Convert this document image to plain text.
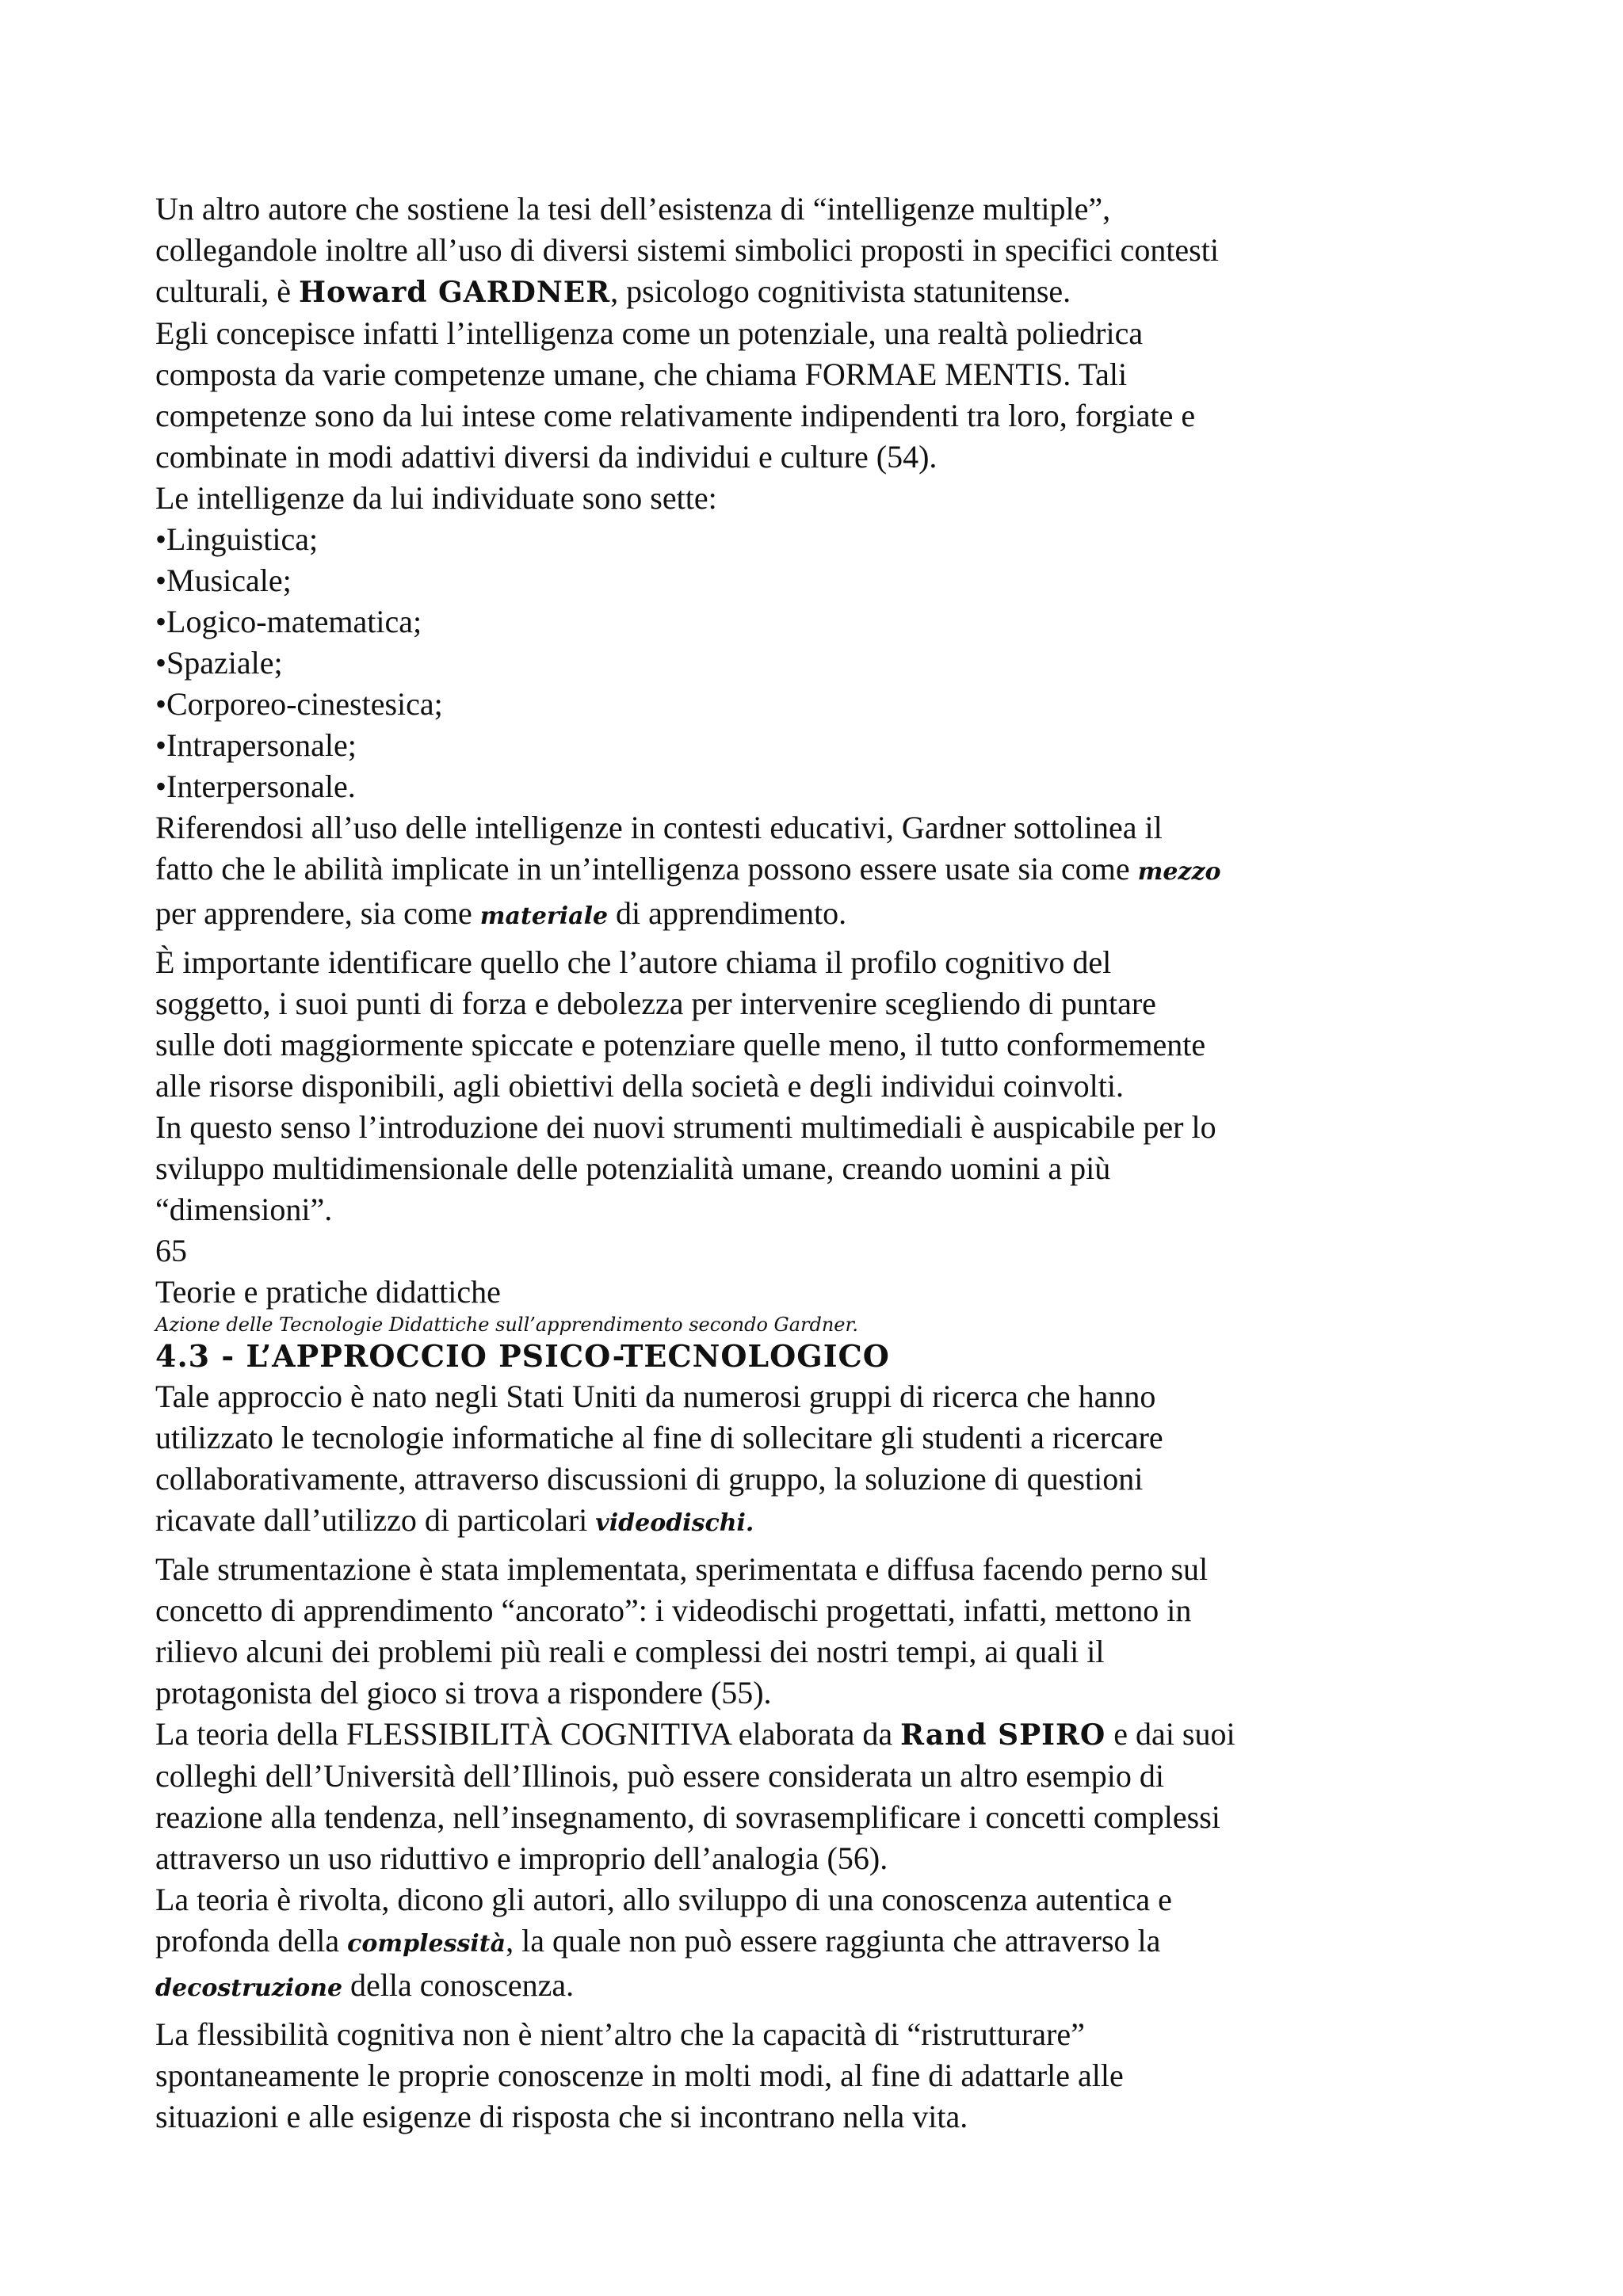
Un altro autore che sostiene la tesi dell’esistenza di “intelligenze multiple”,
collegandole inoltre all’uso di diversi sistemi simbolici proposti in specifici contesti
culturali, è Howard GARDNER, psicologo cognitivista statunitense.

Egli concepisce infatti l’intelligenza come un potenziale, una realtà poliedrica
composta da varie competenze umane, che chiama FORMAE MENTIS. Tali
competenze sono da lui intese come relativamente indipendenti tra loro, forgiate e
combinate in modi adattivi diversi da individui e culture (54).

Le intelligenze da lui individuate sono sette:

•Linguistica;

•Musicale;

•Logico-matematica;

•Spaziale;

•Corporeo-cinestesica;

•Intrapersonale;

•Interpersonale.

Riferendosi all’uso delle intelligenze in contesti educativi, Gardner sottolinea il
fatto che le abilità implicate in un’intelligenza possono essere usate sia come mezzo
per apprendere, sia come materiale di apprendimento.

È importante identificare quello che l’autore chiama il profilo cognitivo del
soggetto, i suoi punti di forza e debolezza per intervenire scegliendo di puntare
sulle doti maggiormente spiccate e potenziare quelle meno, il tutto conformemente
alle risorse disponibili, agli obiettivi della società e degli individui coinvolti.
In questo senso l’introduzione dei nuovi strumenti multimediali è auspicabile per lo
sviluppo multidimensionale delle potenzialità umane, creando uomini a più
“dimensioni”.

65

Teorie e pratiche didattiche

Azione delle Tecnologie Didattiche sull’apprendimento secondo Gardner.

4.3 - L’APPROCCIO PSICO-TECNOLOGICO

Tale approccio è nato negli Stati Uniti da numerosi gruppi di ricerca che hanno
utilizzato le tecnologie informatiche al fine di sollecitare gli studenti a ricercare
collaborativamente, attraverso discussioni di gruppo, la soluzione di questioni
ricavate dall’utilizzo di particolari videodischi.

Tale strumentazione è stata implementata, sperimentata e diffusa facendo perno sul
concetto di apprendimento “ancorato”: i videodischi progettati, infatti, mettono in
rilievo alcuni dei problemi più reali e complessi dei nostri tempi, ai quali il
protagonista del gioco si trova a rispondere (55).

La teoria della FLESSIBILITÀ COGNITIVA elaborata da Rand SPIRO e dai suoi
colleghi dell’Università dell’Illinois, può essere considerata un altro esempio di
reazione alla tendenza, nell’insegnamento, di sovrasemplificare i concetti complessi
attraverso un uso riduttivo e improprio dell’analogia (56).

La teoria è rivolta, dicono gli autori, allo sviluppo di una conoscenza autentica e
profonda della complessità, la quale non può essere raggiunta che attraverso la
decostruzione della conoscenza.

La flessibilità cognitiva non è nient’altro che la capacità di “ristrutturare”
spontaneamente le proprie conoscenze in molti modi, al fine di adattarle alle
situazioni e alle esigenze di risposta che si incontrano nella vita.
